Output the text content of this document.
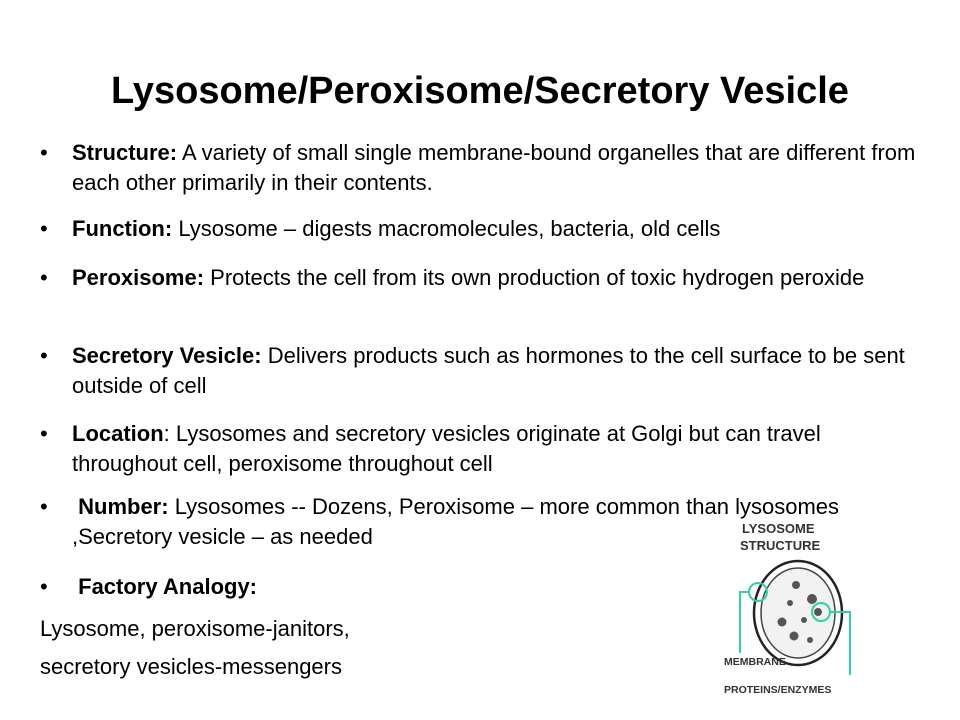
Lysosome/Peroxisome/Secretory Vesicle
• Structure: A variety of small single membrane-bound organelles that are different from each other primarily in their contents.
• Function: Lysosome – digests macromolecules, bacteria, old cells
• Peroxisome: Protects the cell from its own production of toxic hydrogen peroxide
• Secretory Vesicle: Delivers products such as hormones to the cell surface to be sent outside of cell
• Location: Lysosomes and secretory vesicles originate at Golgi but can travel throughout cell, peroxisome throughout cell
• Number: Lysosomes -- Dozens, Peroxisome – more common than lysosomes ,Secretory vesicle – as needed
• Factory Analogy:
Lysosome, peroxisome-janitors,
secretory vesicles-messengers
LYSOSOME
STRUCTURE
MEMBRANE
PROTEINS/ENZYMES
